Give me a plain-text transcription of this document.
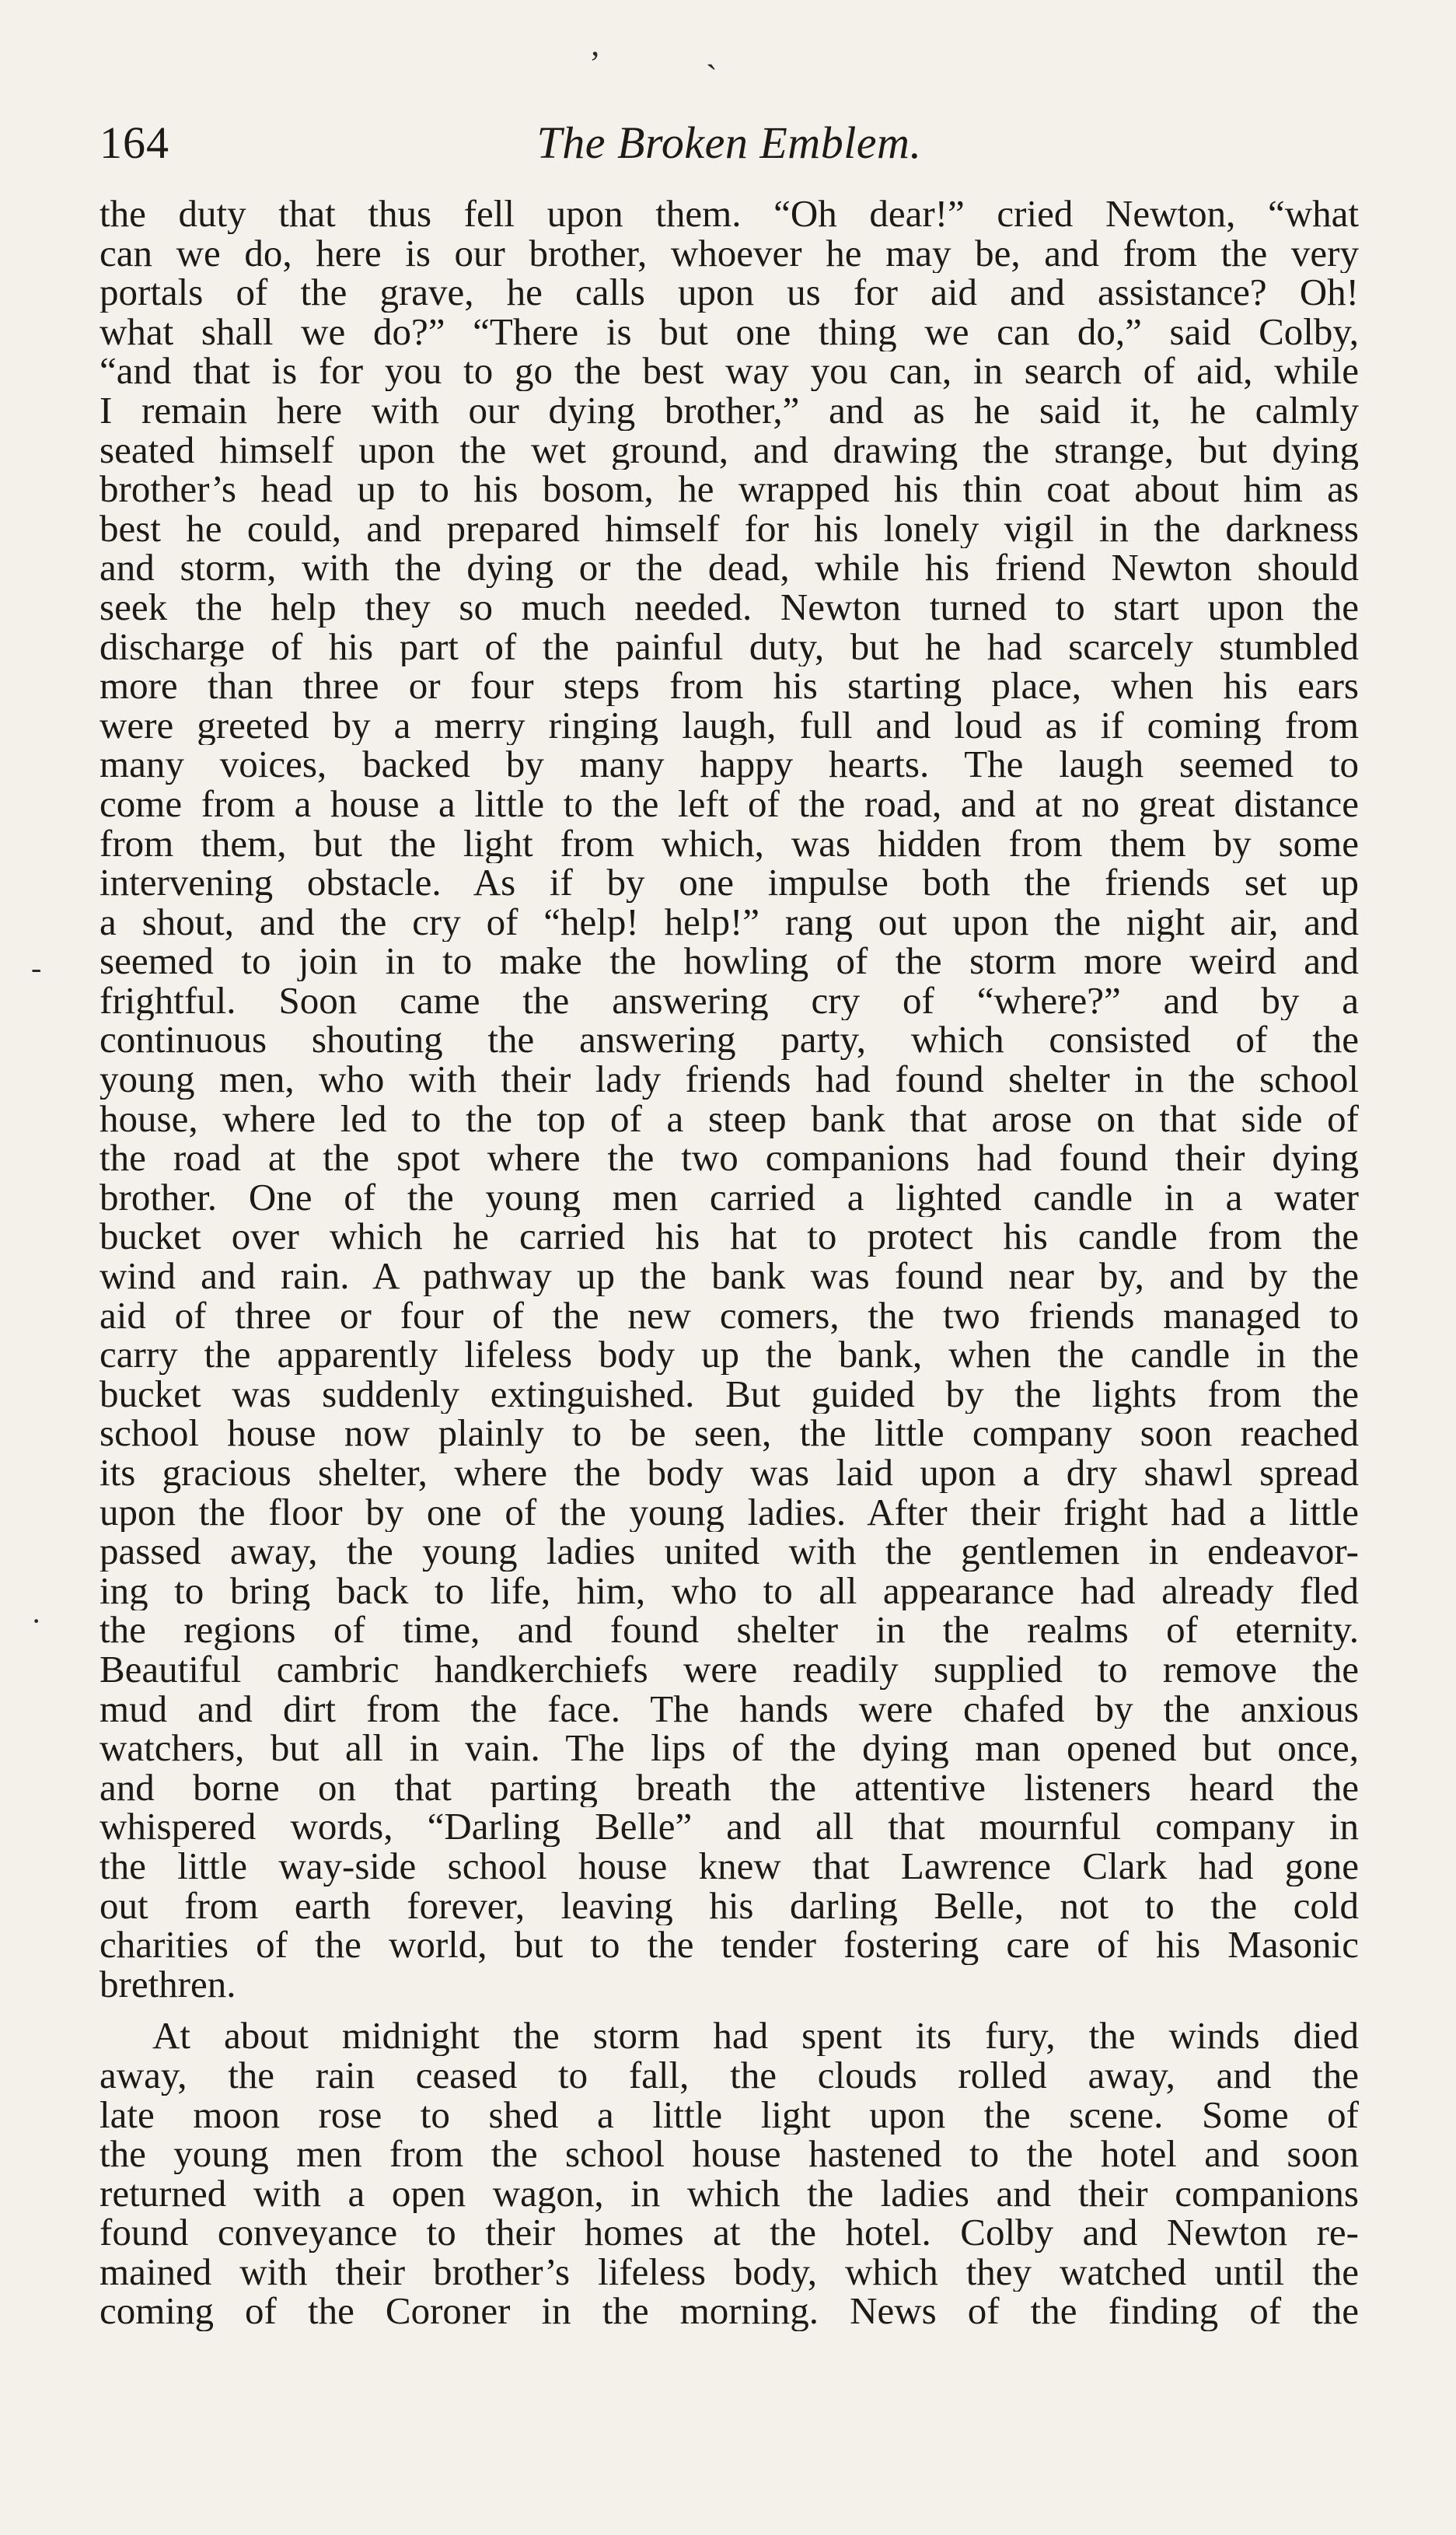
ʼ	ˎ
-
·
164	The Broken Emblem.
the duty that thus fell upon them. “Oh dear!” cried Newton, “what
can we do, here is our brother, whoever he may be, and from the very
portals of the grave, he calls upon us for aid and assistance? Oh!
what shall we do?” “There is but one thing we can do,” said Colby,
“and that is for you to go the best way you can, in search of aid, while
I remain here with our dying brother,” and as he said it, he calmly
seated himself upon the wet ground, and drawing the strange, but dying
brother’s head up to his bosom, he wrapped his thin coat about him as
best he could, and prepared himself for his lonely vigil in the darkness
and storm, with the dying or the dead, while his friend Newton should
seek the help they so much needed. Newton turned to start upon the
discharge of his part of the painful duty, but he had scarcely stumbled
more than three or four steps from his starting place, when his ears
were greeted by a merry ringing laugh, full and loud as if coming from
many voices, backed by many happy hearts. The laugh seemed to
come from a house a little to the left of the road, and at no great distance
from them, but the light from which, was hidden from them by some
intervening obstacle. As if by one impulse both the friends set up
a shout, and the cry of “help! help!” rang out upon the night air, and
seemed to join in to make the howling of the storm more weird and
frightful. Soon came the answering cry of “where?” and by a
continuous shouting the answering party, which consisted of the
young men, who with their lady friends had found shelter in the school
house, where led to the top of a steep bank that arose on that side of
the road at the spot where the two companions had found their dying
brother. One of the young men carried a lighted candle in a water
bucket over which he carried his hat to protect his candle from the
wind and rain. A pathway up the bank was found near by, and by the
aid of three or four of the new comers, the two friends managed to
carry the apparently lifeless body up the bank, when the candle in the
bucket was suddenly extinguished. But guided by the lights from the
school house now plainly to be seen, the little company soon reached
its gracious shelter, where the body was laid upon a dry shawl spread
upon the floor by one of the young ladies. After their fright had a little
passed away, the young ladies united with the gentlemen in endeavor-
ing to bring back to life, him, who to all appearance had already fled
the regions of time, and found shelter in the realms of eternity.
Beautiful cambric handkerchiefs were readily supplied to remove the
mud and dirt from the face. The hands were chafed by the anxious
watchers, but all in vain. The lips of the dying man opened but once,
and borne on that parting breath the attentive listeners heard the
whispered words, “Darling Belle” and all that mournful company in
the little way-side school house knew that Lawrence Clark had gone
out from earth forever, leaving his darling Belle, not to the cold
charities of the world, but to the tender fostering care of his Masonic
brethren.
At about midnight the storm had spent its fury, the winds died
away, the rain ceased to fall, the clouds rolled away, and the
late moon rose to shed a little light upon the scene. Some of
the young men from the school house hastened to the hotel and soon
returned with a open wagon, in which the ladies and their companions
found conveyance to their homes at the hotel. Colby and Newton re-
mained with their brother’s lifeless body, which they watched until the
coming of the Coroner in the morning. News of the finding of the
